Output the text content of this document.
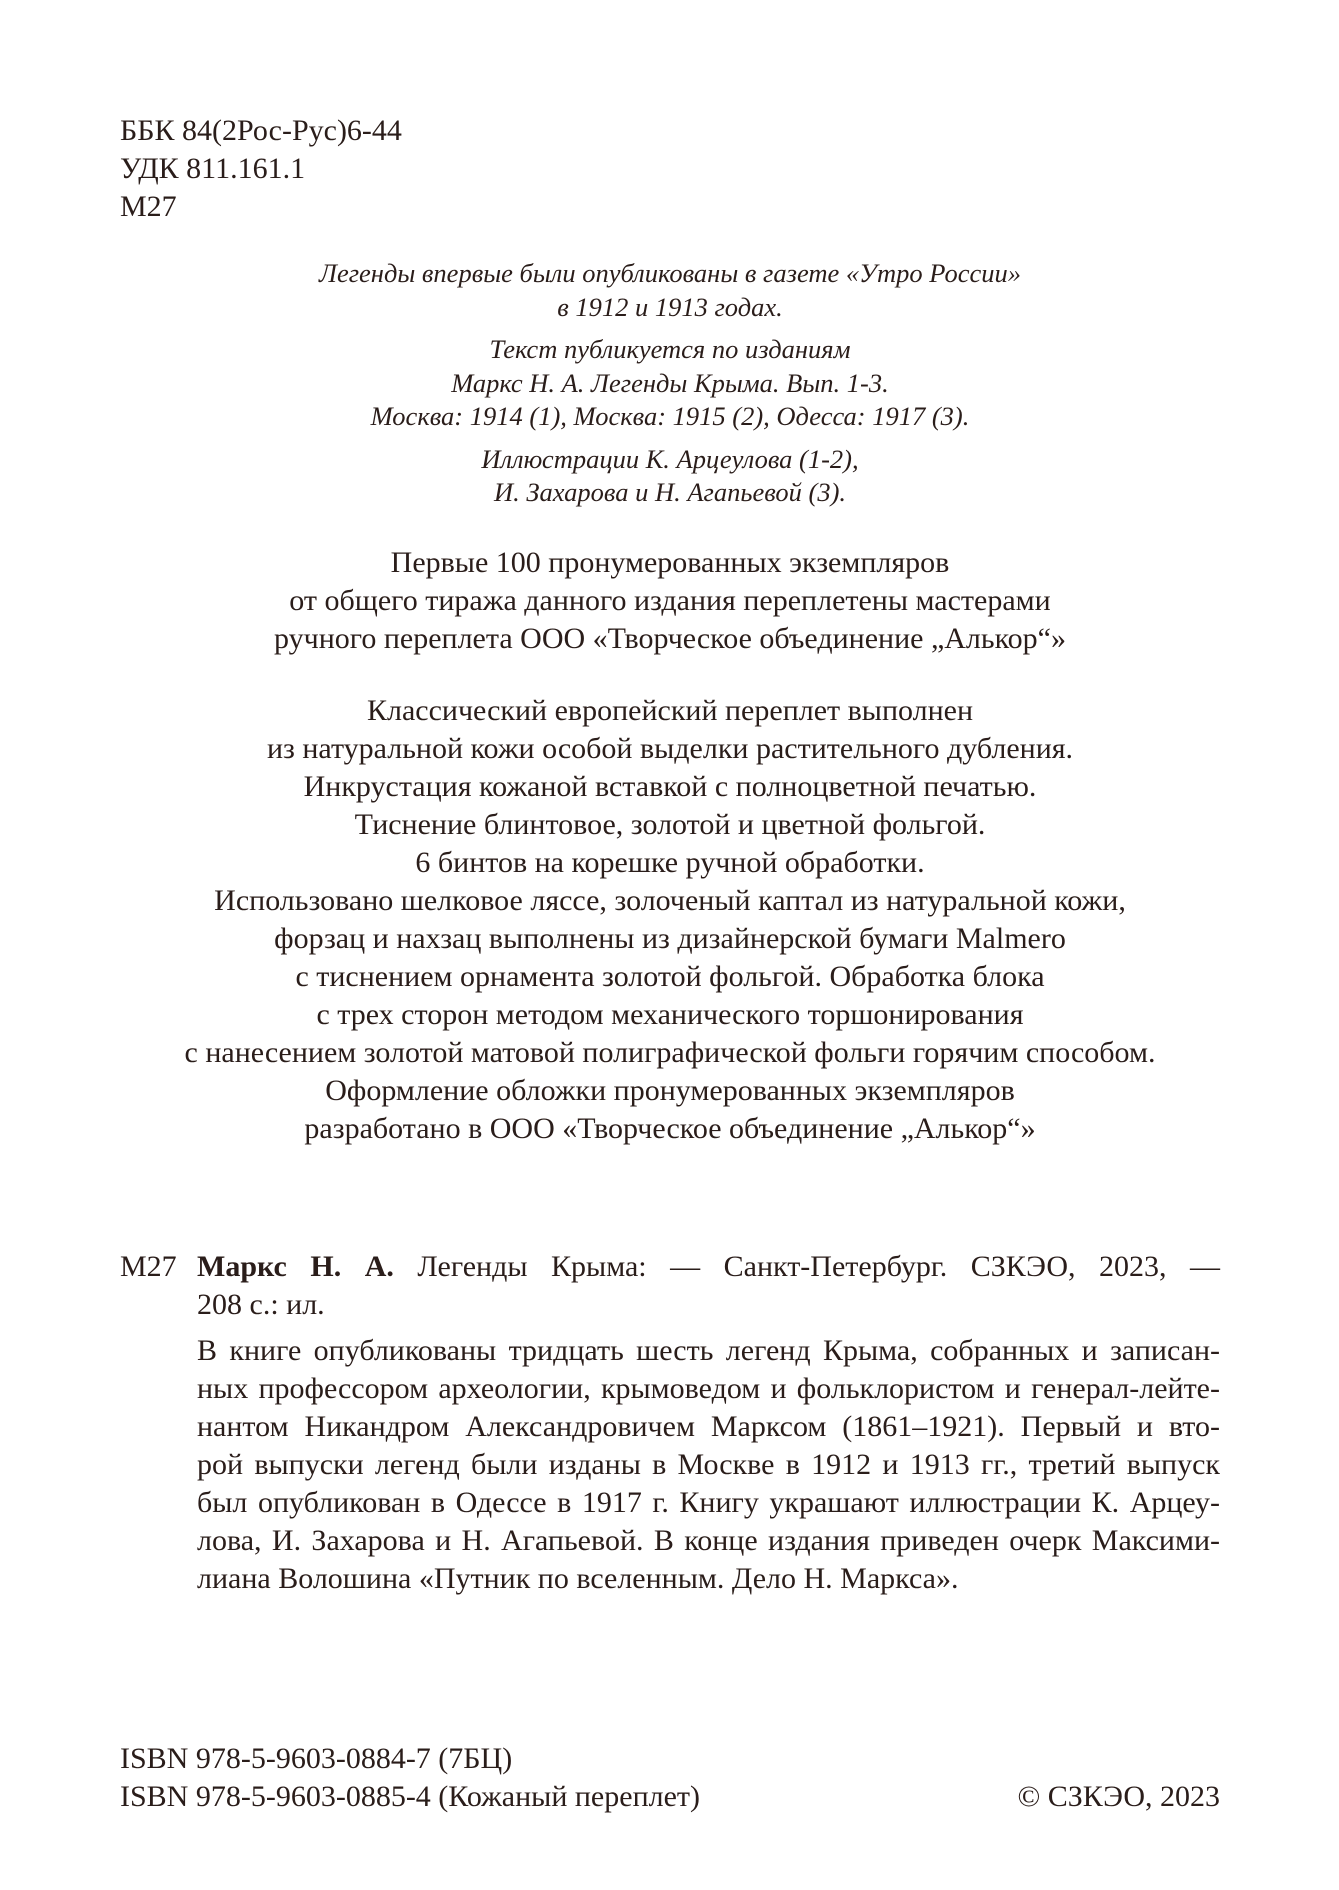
ББК 84(2Рос-Рус)6-44
УДК 811.161.1
М27
Легенды впервые были опубликованы в газете «Утро России»
в 1912 и 1913 годах.
Текст публикуется по изданиям
Маркс Н. А. Легенды Крыма. Вып. 1-3.
Москва: 1914 (1), Москва: 1915 (2), Одесса: 1917 (3).
Иллюстрации К. Арцеулова (1-2),
И. Захарова и Н. Агапьевой (3).
Первые 100 пронумерованных экземпляров
от общего тиража данного издания переплетены мастерами
ручного переплета ООО «Творческое объединение „Алькор“»
Классический европейский переплет выполнен
из натуральной кожи особой выделки растительного дубления.
Инкрустация кожаной вставкой с полноцветной печатью.
Тиснение блинтовое, золотой и цветной фольгой.
6 бинтов на корешке ручной обработки.
Использовано шелковое ляссе, золоченый каптал из натуральной кожи,
форзац и нахзац выполнены из дизайнерской бумаги Malmero
с тиснением орнамента золотой фольгой. Обработка блока
с трех сторон методом механического торшонирования
с нанесением золотой матовой полиграфической фольги горячим способом.
Оформление обложки пронумерованных экземпляров
разработано в ООО «Творческое объединение „Алькор“»
М27 Маркс Н. А. Легенды Крыма: — Санкт-Петербург. СЗКЭО, 2023, —
208 с.: ил.
В книге опубликованы тридцать шесть легенд Крыма, собранных и записан-
ных профессором археологии, крымоведом и фольклористом и генерал-лейте-
нантом Никандром Александровичем Марксом (1861–1921). Первый и вто-
рой выпуски легенд были изданы в Москве в 1912 и 1913 гг., третий выпуск
был опубликован в Одессе в 1917 г. Книгу украшают иллюстрации К. Арцеу-
лова, И. Захарова и Н. Агапьевой. В конце издания приведен очерк Максими-
лиана Волошина «Путник по вселенным. Дело Н. Маркса».
ISBN 978-5-9603-0884-7 (7БЦ)
ISBN 978-5-9603-0885-4 (Кожаный переплет)	© СЗКЭО, 2023
